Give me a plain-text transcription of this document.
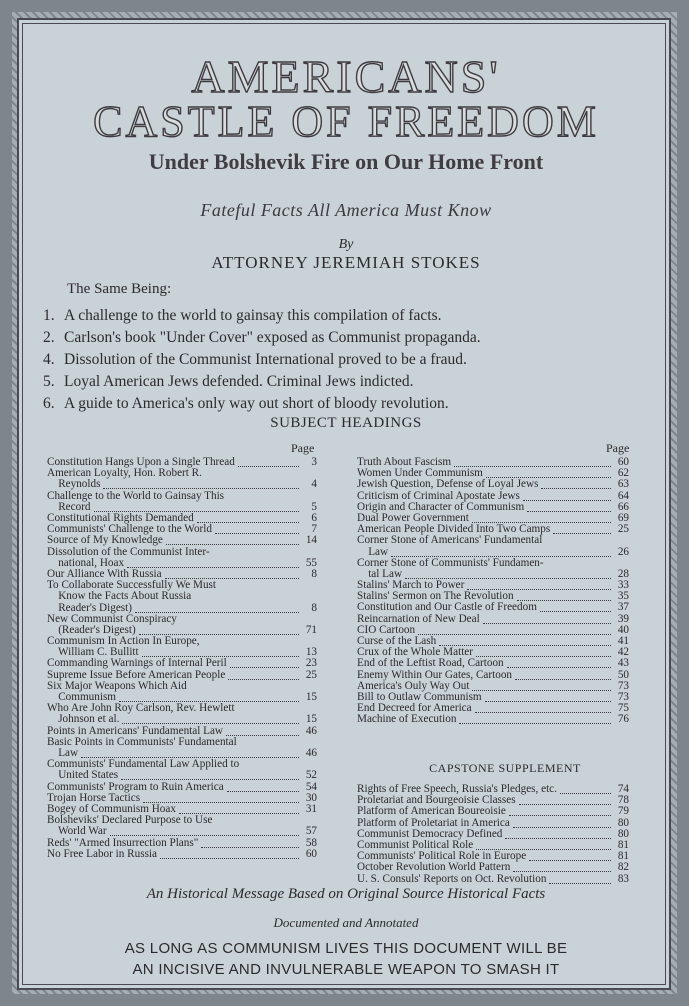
AMERICANS'
CASTLE OF FREEDOM
Under Bolshevik Fire on Our Home Front
Fateful Facts All America Must Know
By
ATTORNEY JEREMIAH STOKES
The Same Being:
1. A challenge to the world to gainsay this compilation of facts.
2. Carlson's book "Under Cover" exposed as Communist propaganda.
4. Dissolution of the Communist International proved to be a fraud.
5. Loyal American Jews defended. Criminal Jews indicted.
6. A guide to America's only way out short of bloody revolution.
SUBJECT HEADINGS
Page	Page
Constitution Hangs Upon a Single Thread	3
American Loyalty, Hon. Robert R.
Reynolds	4
Challenge to the World to Gainsay This
Record	5
Constitutional Rights Demanded	6
Communists' Challenge to the World	7
Source of My Knowledge	14
Dissolution of the Communist Inter-
national, Hoax	55
Our Alliance With Russia	8
To Collaborate Successfully We Must
Know the Facts About Russia
Reader's Digest)	8
New Communist Conspiracy
(Reader's Digest)	71
Communism In Action In Europe,
William C. Bullitt	13
Commanding Warnings of Internal Peril	23
Supreme Issue Before American People	25
Six Major Weapons Which Aid
Communism	15
Who Are John Roy Carlson, Rev. Hewlett
Johnson et al.	15
Points in Americans' Fundamental Law	46
Basic Points in Communists' Fundamental
Law	46
Communists' Fundamental Law Applied to
United States	52
Communists' Program to Ruin America	54
Trojan Horse Tactics	30
Bogey of Communism Hoax	31
Bolsheviks' Declared Purpose to Use
World War	57
Reds' "Armed Insurrection Plans"	58
No Free Labor in Russia	60
Truth About Fascism	60
Women Under Communism	62
Jewish Question, Defense of Loyal Jews	63
Criticism of Criminal Apostate Jews	64
Origin and Character of Communism	66
Dual Power Government	69
American People Divided Into Two Camps	25
Corner Stone of Americans' Fundamental
Law	26
Corner Stone of Communists' Fundamen-
tal Law	28
Stalins' March to Power	33
Stalins' Sermon on The Revolution	35
Constitution and Our Castle of Freedom	37
Reincarnation of New Deal	39
CIO Cartoon	40
Curse of the Lash	41
Crux of the Whole Matter	42
End of the Leftist Road, Cartoon	43
Enemy Within Our Gates, Cartoon	50
America's Ouly Way Out	73
Bill to Outlaw Communism	73
End Decreed for America	75
Machine of Execution	76
CAPSTONE SUPPLEMENT
Rights of Free Speech, Russia's Pledges, etc.	74
Proletariat and Bourgeoisie Classes	78
Platform of American Boureoisie	79
Platform of Proletariat in America	80
Communist Democracy Defined	80
Communist Political Role	81
Communists' Political Role in Europe	81
October Revolution World Pattern	82
U. S. Consuls' Reports on Oct. Revolution	83
An Historical Message Based on Original Source Historical Facts
Documented and Annotated
AS LONG AS COMMUNISM LIVES THIS DOCUMENT WILL BE
AN INCISIVE AND INVULNERABLE WEAPON TO SMASH IT
